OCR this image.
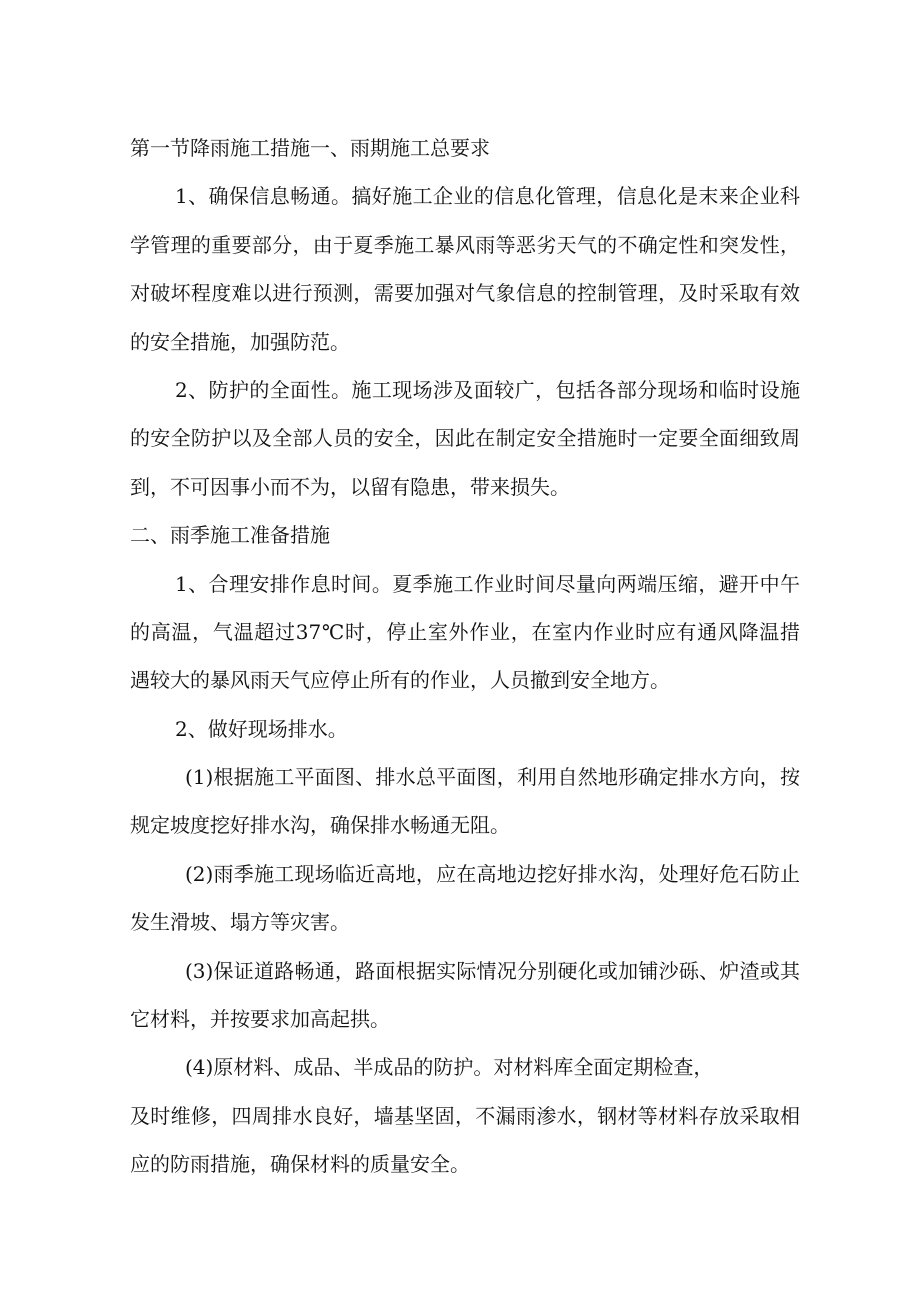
第一节降雨施工措施一、雨期施工总要求
1、确保信息畅通。搞好施工企业的信息化管理，信息化是末来企业科
学管理的重要部分，由于夏季施工暴风雨等恶劣天气的不确定性和突发性，
对破坏程度难以进行预测，需要加强对气象信息的控制管理，及时采取有效
的安全措施，加强防范。
2、防护的全面性。施工现场涉及面较广，包括各部分现场和临时设施
的安全防护以及全部人员的安全，因此在制定安全措施时一定要全面细致周
到，不可因事小而不为，以留有隐患，带来损失。
二、雨季施工准备措施
1、合理安排作息时间。夏季施工作业时间尽量向两端压缩，避开中午
的高温，气温超过37℃时，停止室外作业，在室内作业时应有通风降温措
遇较大的暴风雨天气应停止所有的作业，人员撤到安全地方。
2、做好现场排水。
(1)根据施工平面图、排水总平面图，利用自然地形确定排水方向，按
规定坡度挖好排水沟，确保排水畅通无阻。
(2)雨季施工现场临近高地，应在高地边挖好排水沟，处理好危石防止
发生滑坡、塌方等灾害。
(3)保证道路畅通，路面根据实际情况分别硬化或加铺沙砾、炉渣或其
它材料，并按要求加高起拱。
(4)原材料、成品、半成品的防护。对材料库全面定期检查，
及时维修，四周排水良好，墙基坚固，不漏雨渗水，钢材等材料存放采取相
应的防雨措施，确保材料的质量安全。
